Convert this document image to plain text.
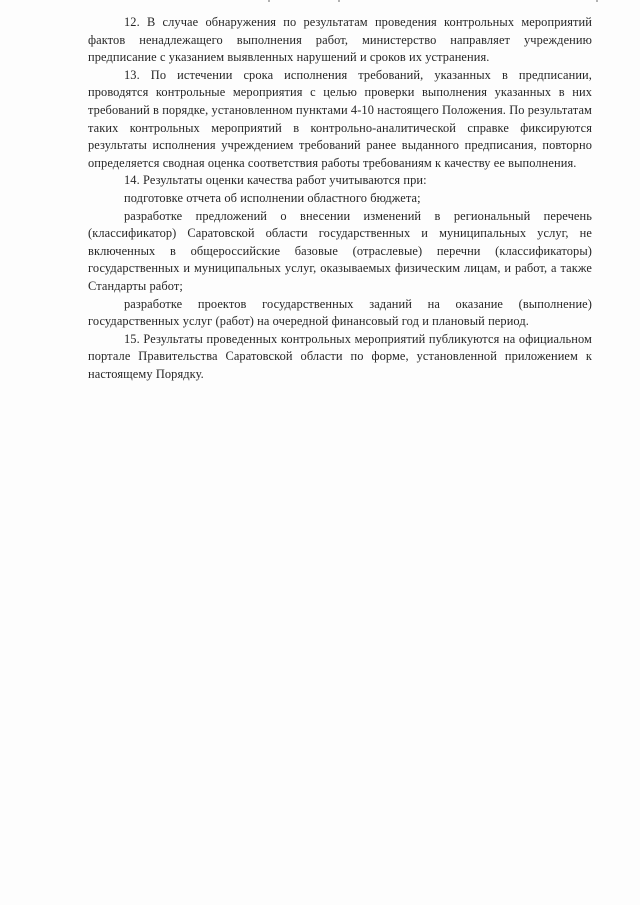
12. В случае обнаружения по результатам проведения контрольных мероприятий фактов ненадлежащего выполнения работ, министерство направляет учреждению предписание с указанием выявленных нарушений и сроков их устранения.

13. По истечении срока исполнения требований, указанных в предписании, проводятся контрольные мероприятия с целью проверки выполнения указанных в них требований в порядке, установленном пунктами 4-10 настоящего Положения. По результатам таких контрольных мероприятий в контрольно-аналитической справке фиксируются результаты исполнения учреждением требований ранее выданного предписания, повторно определяется сводная оценка соответствия работы требованиям к качеству ее выполнения.

14. Результаты оценки качества работ учитываются при:

подготовке отчета об исполнении областного бюджета;

разработке предложений о внесении изменений в региональный перечень (классификатор) Саратовской области государственных и муниципальных услуг, не включенных в общероссийские базовые (отраслевые) перечни (классификаторы) государственных и муниципальных услуг, оказываемых физическим лицам, и работ, а также Стандарты работ;

разработке проектов государственных заданий на оказание (выполнение) государственных услуг (работ) на очередной финансовый год и плановый период.

15. Результаты проведенных контрольных мероприятий публикуются на официальном портале Правительства Саратовской области по форме, установленной приложением к настоящему Порядку.
